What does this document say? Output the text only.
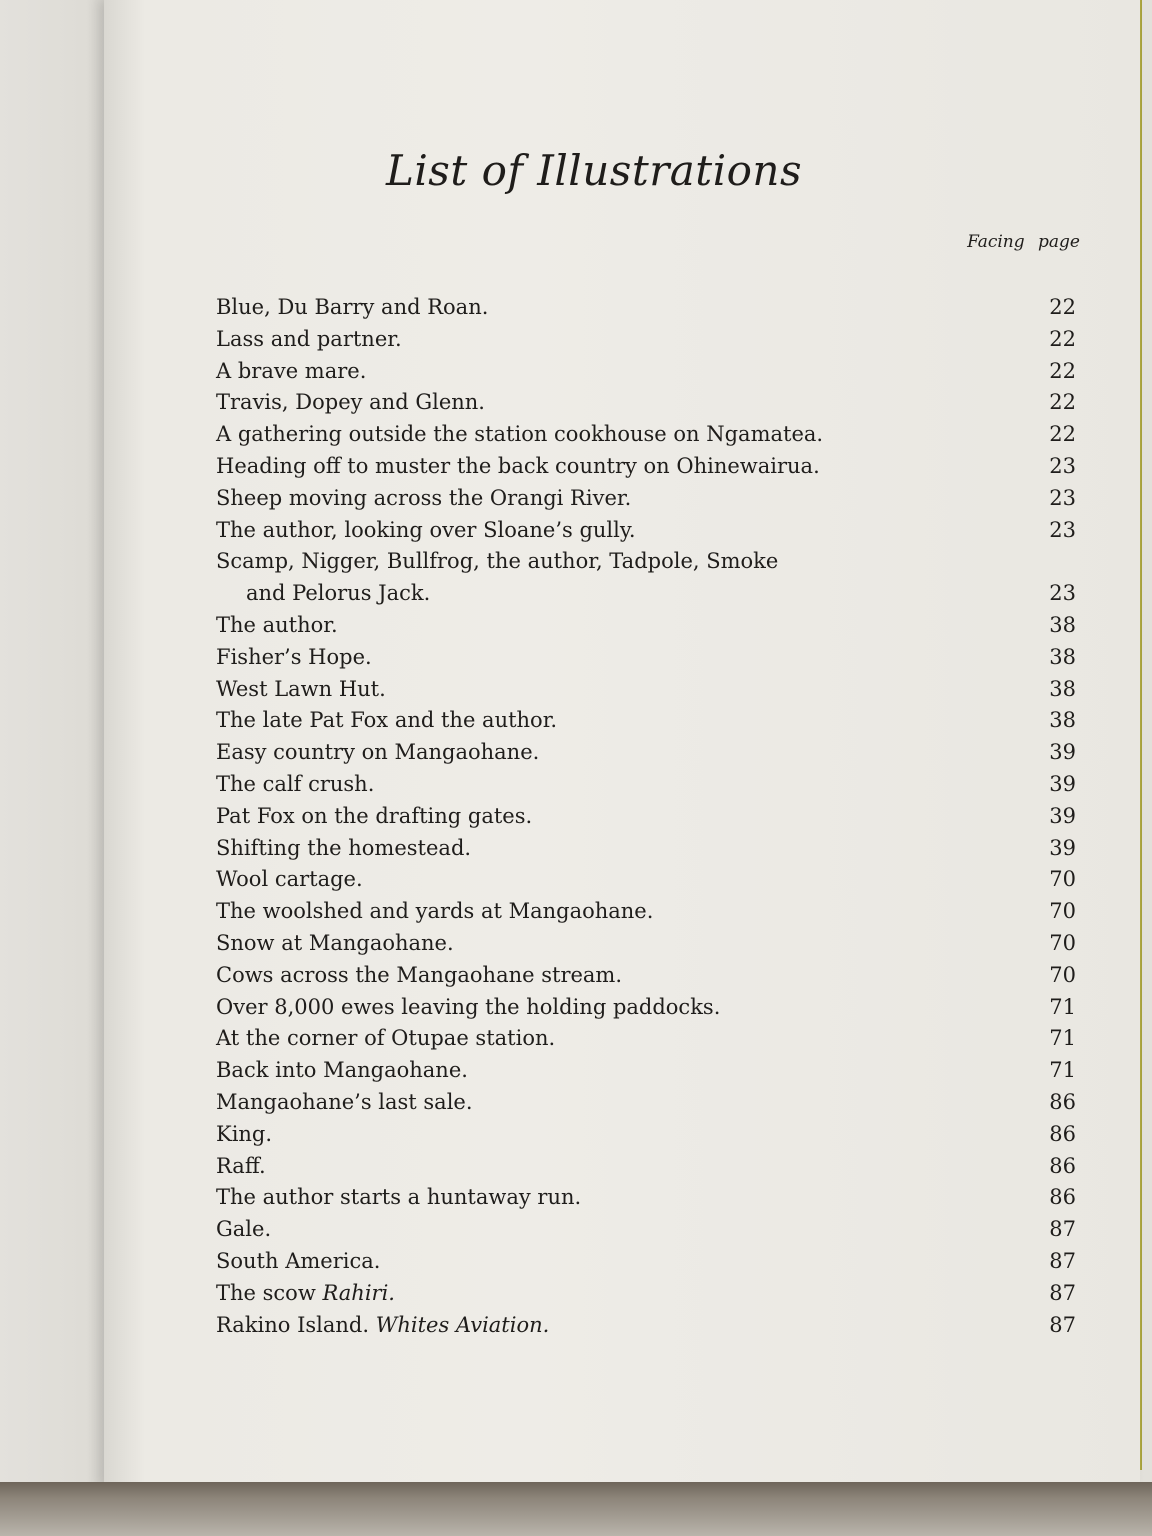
List of Illustrations
Facing page
Blue, Du Barry and Roan.	22
Lass and partner.	22
A brave mare.	22
Travis, Dopey and Glenn.	22
A gathering outside the station cookhouse on Ngamatea.	22
Heading off to muster the back country on Ohinewairua.	23
Sheep moving across the Orangi River.	23
The author, looking over Sloane’s gully.	23
Scamp, Nigger, Bullfrog, the author, Tadpole, Smoke
and Pelorus Jack.	23
The author.	38
Fisher’s Hope.	38
West Lawn Hut.	38
The late Pat Fox and the author.	38
Easy country on Mangaohane.	39
The calf crush.	39
Pat Fox on the drafting gates.	39
Shifting the homestead.	39
Wool cartage.	70
The woolshed and yards at Mangaohane.	70
Snow at Mangaohane.	70
Cows across the Mangaohane stream.	70
Over 8,000 ewes leaving the holding paddocks.	71
At the corner of Otupae station.	71
Back into Mangaohane.	71
Mangaohane’s last sale.	86
King.	86
Raff.	86
The author starts a huntaway run.	86
Gale.	87
South America.	87
The scow Rahiri.	87
Rakino Island. Whites Aviation.	87
